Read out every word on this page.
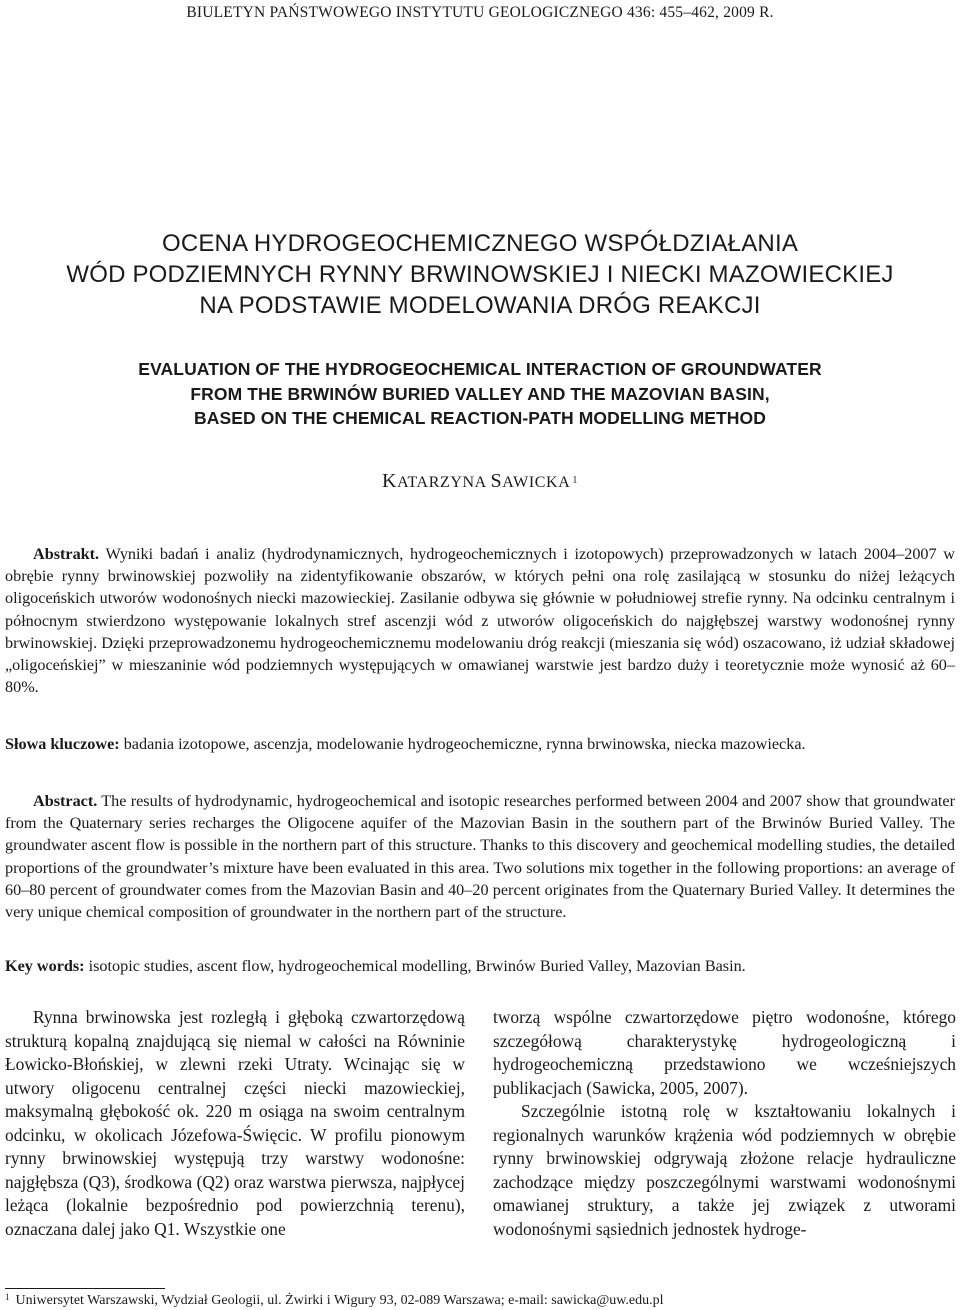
BIULETYN PAŃSTWOWEGO INSTYTUTU GEOLOGICZNEGO 436: 455–462, 2009 R.
OCENA HYDROGEOCHEMICZNEGO WSPÓŁDZIAŁANIA
WÓD PODZIEMNYCH RYNNY BRWINOWSKIEJ I NIECKI MAZOWIECKIEJ
NA PODSTAWIE MODELOWANIA DRÓG REAKCJI
EVALUATION OF THE HYDROGEOCHEMICAL INTERACTION OF GROUNDWATER
FROM THE BRWINÓW BURIED VALLEY AND THE MAZOVIAN BASIN,
BASED ON THE CHEMICAL REACTION-PATH MODELLING METHOD
KATARZYNA SAWICKA $^1$
Abstrakt. Wyniki badań i analiz (hydrodynamicznych, hydrogeochemicznych i izotopowych) przeprowadzonych w latach 2004–2007 w obrębie rynny brwinowskiej pozwoliły na zidentyfikowanie obszarów, w których pełni ona rolę zasilającą w stosunku do niżej leżących oligoceńskich utworów wodonośnych niecki mazowieckiej. Zasilanie odbywa się głównie w południowej strefie rynny. Na odcinku centralnym i północnym stwierdzono występowanie lokalnych stref ascenzji wód z utworów oligoceńskich do najgłębszej warstwy wodonośnej rynny brwinowskiej. Dzięki przeprowadzonemu hydrogeochemicznemu modelowaniu dróg reakcji (mieszania się wód) oszacowano, iż udział składowej „oligoceńskiej” w mieszaninie wód podziemnych występujących w omawianej warstwie jest bardzo duży i teoretycznie może wynosić aż 60–80%.
Słowa kluczowe: badania izotopowe, ascenzja, modelowanie hydrogeochemiczne, rynna brwinowska, niecka mazowiecka.
Abstract. The results of hydrodynamic, hydrogeochemical and isotopic researches performed between 2004 and 2007 show that groundwater from the Quaternary series recharges the Oligocene aquifer of the Mazovian Basin in the southern part of the Brwinów Buried Valley. The groundwater ascent flow is possible in the northern part of this structure. Thanks to this discovery and geochemical modelling studies, the detailed proportions of the groundwater’s mixture have been evaluated in this area. Two solutions mix together in the following proportions: an average of 60–80 percent of groundwater comes from the Mazovian Basin and 40–20 percent originates from the Quaternary Buried Valley. It determines the very unique chemical composition of groundwater in the northern part of the structure.
Key words: isotopic studies, ascent flow, hydrogeochemical modelling, Brwinów Buried Valley, Mazovian Basin.
Rynna brwinowska jest rozległą i głęboką czwartorzędową strukturą kopalną znajdującą się niemal w całości na Równinie Łowicko-Błońskiej, w zlewni rzeki Utraty. Wcinając się w utwory oligocenu centralnej części niecki mazowieckiej, maksymalną głębokość ok. 220 m osiąga na swoim centralnym odcinku, w okolicach Józefowa-Święcic. W profilu pionowym rynny brwinowskiej występują trzy warstwy wodonośne: najgłębsza (Q3), środkowa (Q2) oraz warstwa pierwsza, najpłycej leżąca (lokalnie bezpośrednio pod powierzchnią terenu), oznaczana dalej jako Q1. Wszystkie one
tworzą wspólne czwartorzędowe piętro wodonośne, którego szczegółową charakterystykę hydrogeologiczną i hydrogeochemiczną przedstawiono we wcześniejszych publikacjach (Sawicka, 2005, 2007).
Szczególnie istotną rolę w kształtowaniu lokalnych i regionalnych warunków krążenia wód podziemnych w obrębie rynny brwinowskiej odgrywają złożone relacje hydrauliczne zachodzące między poszczególnymi warstwami wodonośnymi omawianej struktury, a także jej związek z utworami wodonośnymi sąsiednich jednostek hydroge-
$^1$ Uniwersytet Warszawski, Wydział Geologii, ul. Żwirki i Wigury 93, 02-089 Warszawa; e-mail: sawicka@uw.edu.pl
